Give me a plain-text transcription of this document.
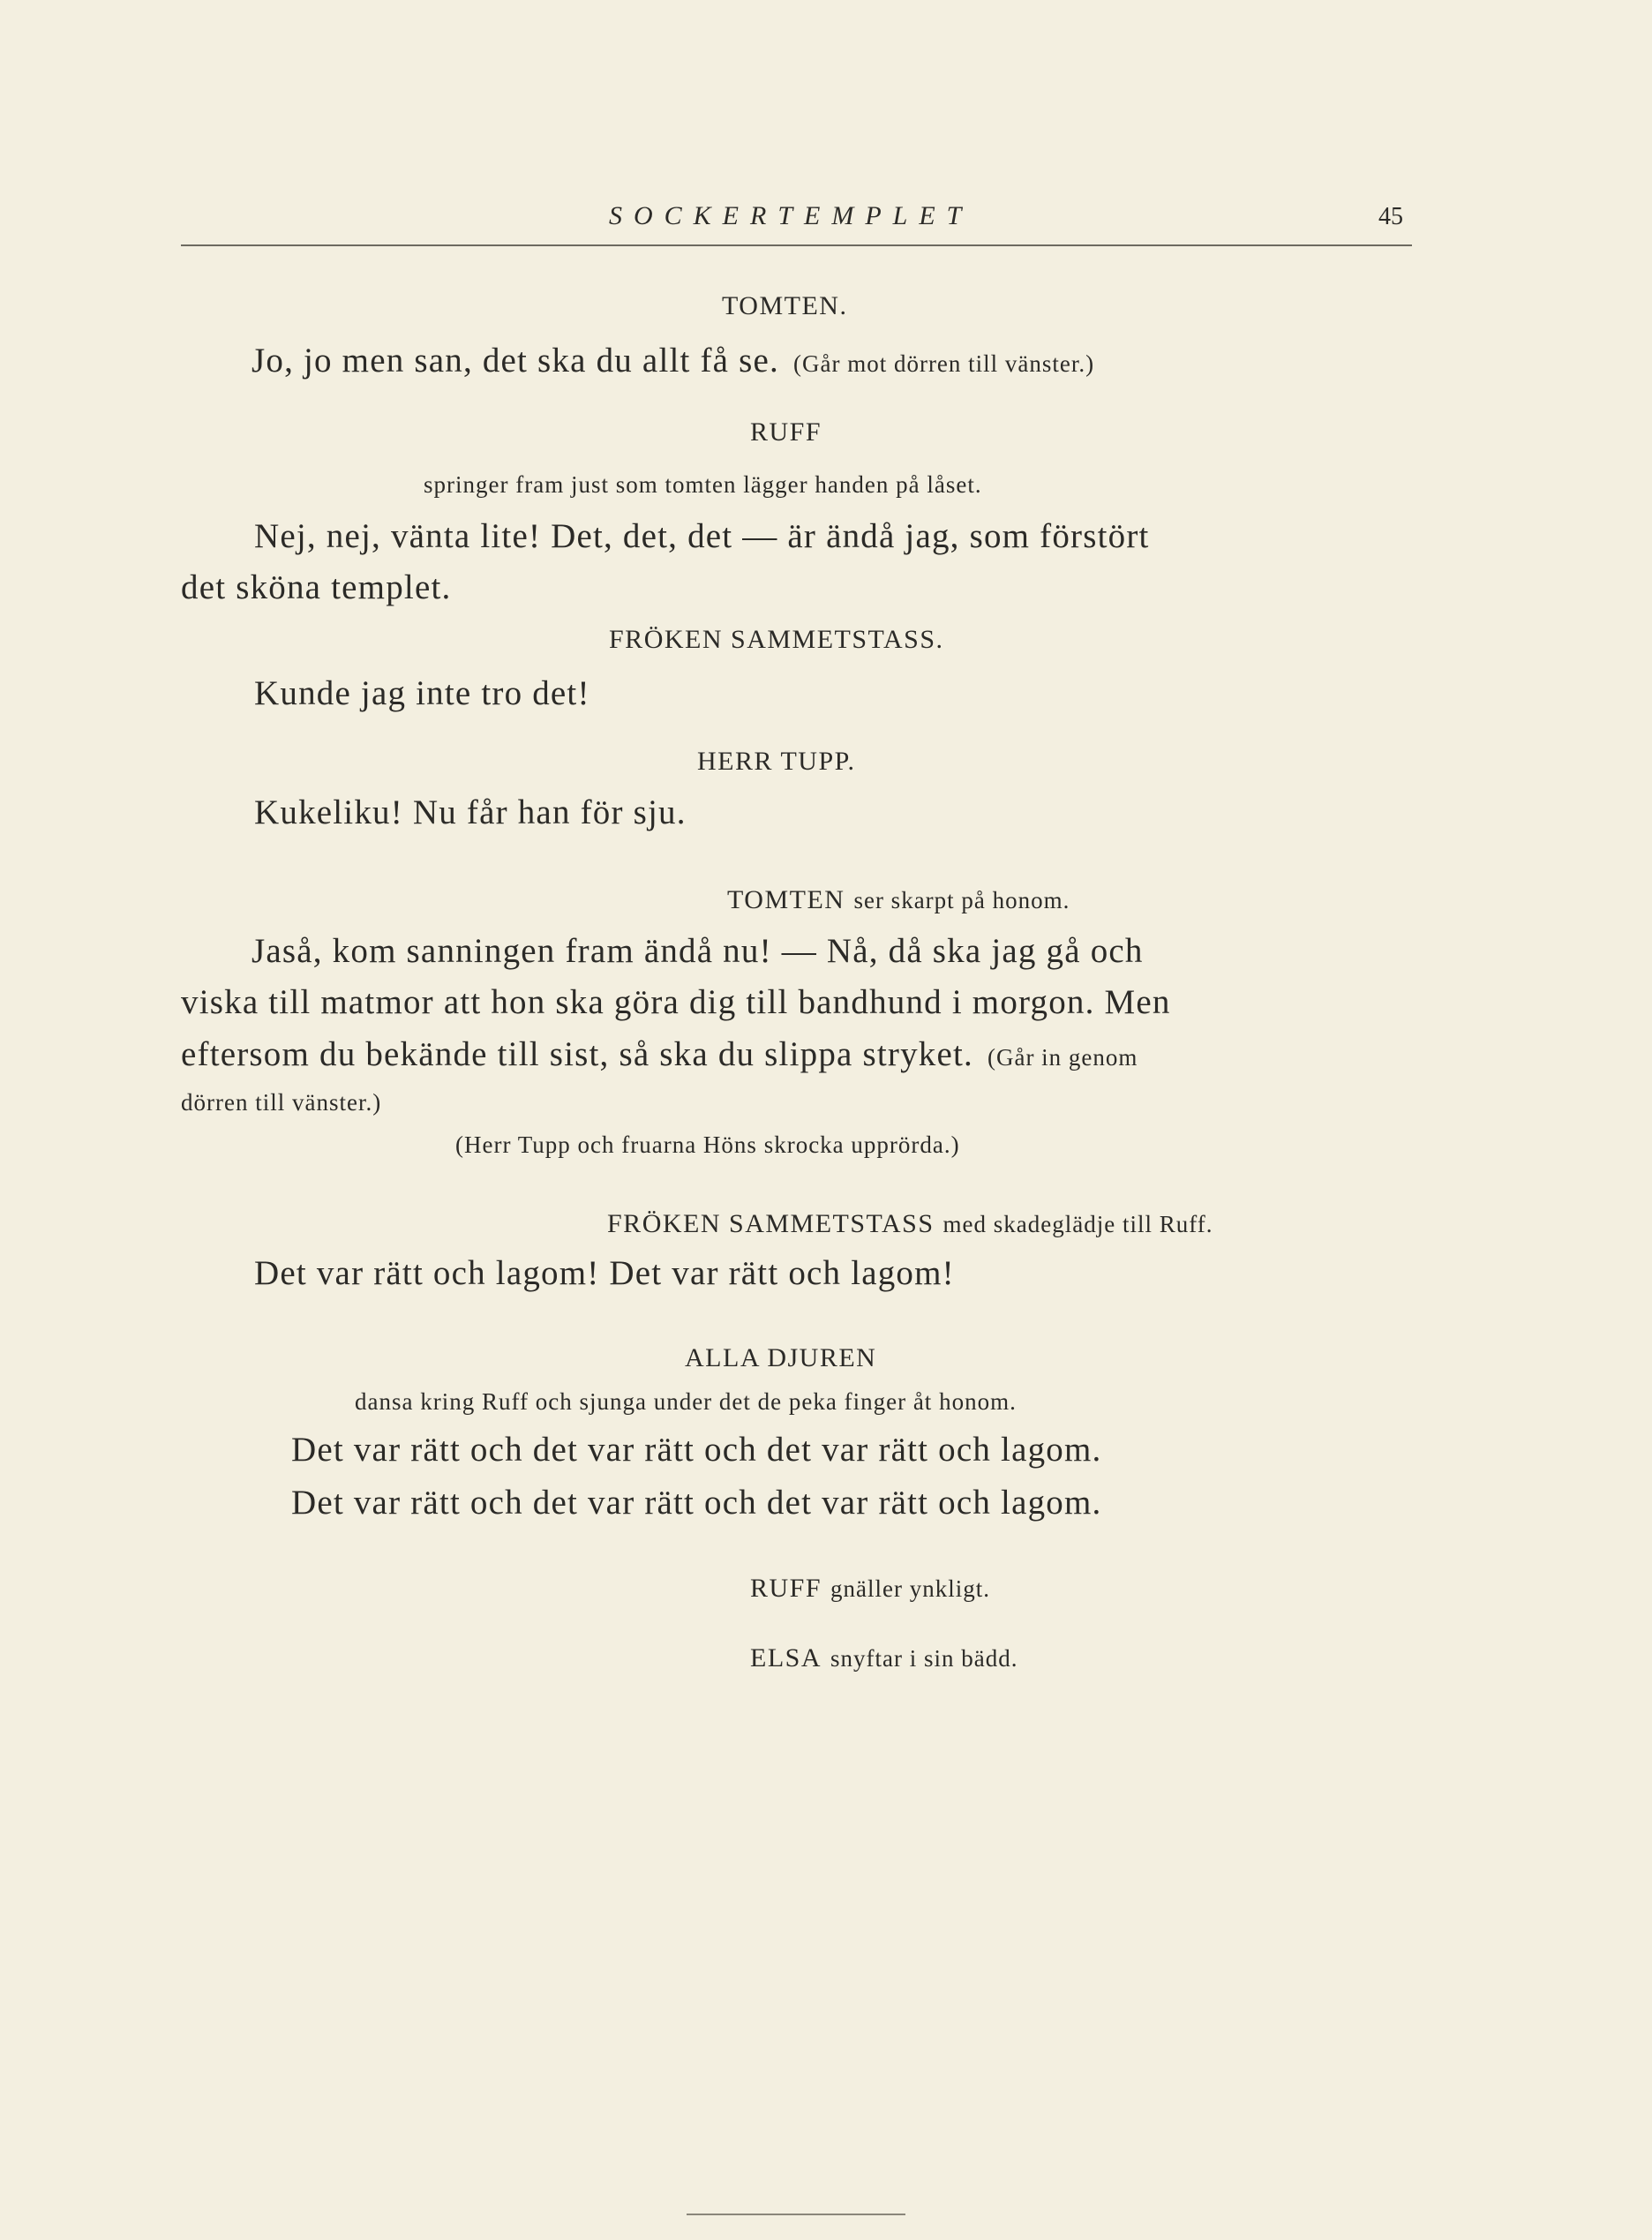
SOCKERTEMPLET	45
TOMTEN.
Jo, jo men san, det ska du allt få se. (Går mot dörren till vänster.)
RUFF
springer fram just som tomten lägger handen på låset.
Nej, nej, vänta lite! Det, det, det — är ändå jag, som förstört
det sköna templet.
FRÖKEN SAMMETSTASS.
Kunde jag inte tro det!
HERR TUPP.
Kukeliku! Nu får han för sju.
TOMTEN ser skarpt på honom.
Jaså, kom sanningen fram ändå nu! — Nå, då ska jag gå och
viska till matmor att hon ska göra dig till bandhund i morgon. Men
eftersom du bekände till sist, så ska du slippa stryket. (Går in genom
dörren till vänster.)
(Herr Tupp och fruarna Höns skrocka upprörda.)
FRÖKEN SAMMETSTASS med skadeglädje till Ruff.
Det var rätt och lagom! Det var rätt och lagom!
ALLA DJUREN
dansa kring Ruff och sjunga under det de peka finger åt honom.
Det var rätt och det var rätt och det var rätt och lagom.
Det var rätt och det var rätt och det var rätt och lagom.
RUFF gnäller ynkligt.
ELSA snyftar i sin bädd.
